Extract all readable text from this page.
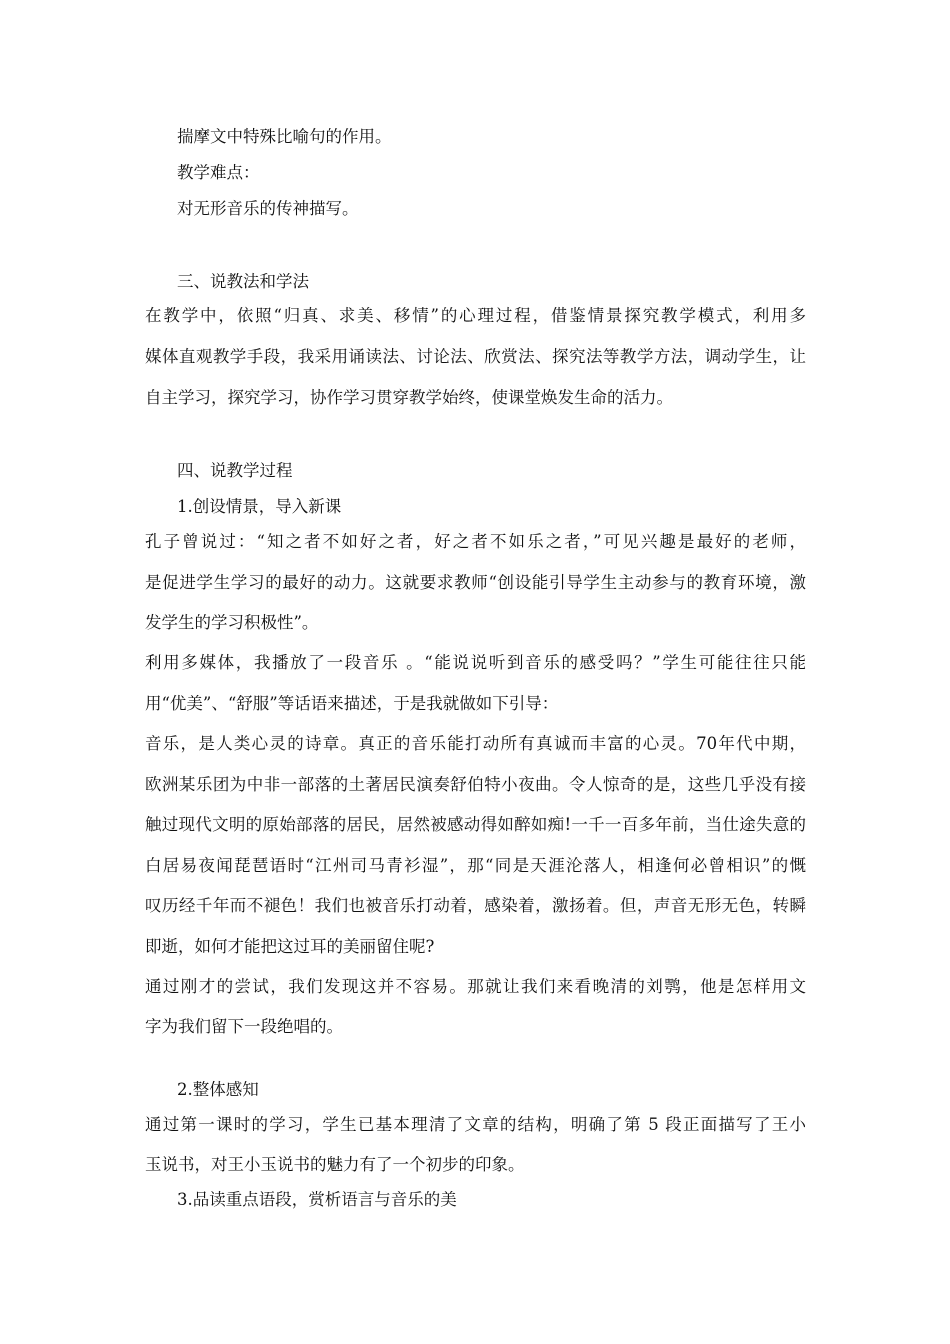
揣摩文中特殊比喻句的作用。
教学难点：
对无形音乐的传神描写。
三、说教法和学法
在教学中，依照“归真、求美、移情”的心理过程，借鉴情景探究教学模式，利用多
媒体直观教学手段，我采用诵读法、讨论法、欣赏法、探究法等教学方法，调动学生，让
自主学习，探究学习，协作学习贯穿教学始终，使课堂焕发生命的活力。
四、说教学过程
1.创设情景，导入新课
孔子曾说过：“知之者不如好之者，好之者不如乐之者，”可见兴趣是最好的老师，
是促进学生学习的最好的动力。这就要求教师“创设能引导学生主动参与的教育环境，激
发学生的学习积极性”。
利用多媒体，我播放了一段音乐 。“能说说听到音乐的感受吗？”学生可能往往只能
用“优美”、“舒服”等话语来描述，于是我就做如下引导：
音乐，是人类心灵的诗章。真正的音乐能打动所有真诚而丰富的心灵。70年代中期，
欧洲某乐团为中非一部落的土著居民演奏舒伯特小夜曲。令人惊奇的是，这些几乎没有接
触过现代文明的原始部落的居民，居然被感动得如醉如痴!一千一百多年前，当仕途失意的
白居易夜闻琵琶语时“江州司马青衫湿”，那“同是天涯沦落人，相逢何必曾相识”的慨
叹历经千年而不褪色！我们也被音乐打动着，感染着，激扬着。但，声音无形无色，转瞬
即逝，如何才能把这过耳的美丽留住呢?
通过刚才的尝试，我们发现这并不容易。那就让我们来看晚清的刘鹗，他是怎样用文
字为我们留下一段绝唱的。
2.整体感知
通过第一课时的学习，学生已基本理清了文章的结构，明确了第 5 段正面描写了王小
玉说书，对王小玉说书的魅力有了一个初步的印象。
3.品读重点语段，赏析语言与音乐的美
